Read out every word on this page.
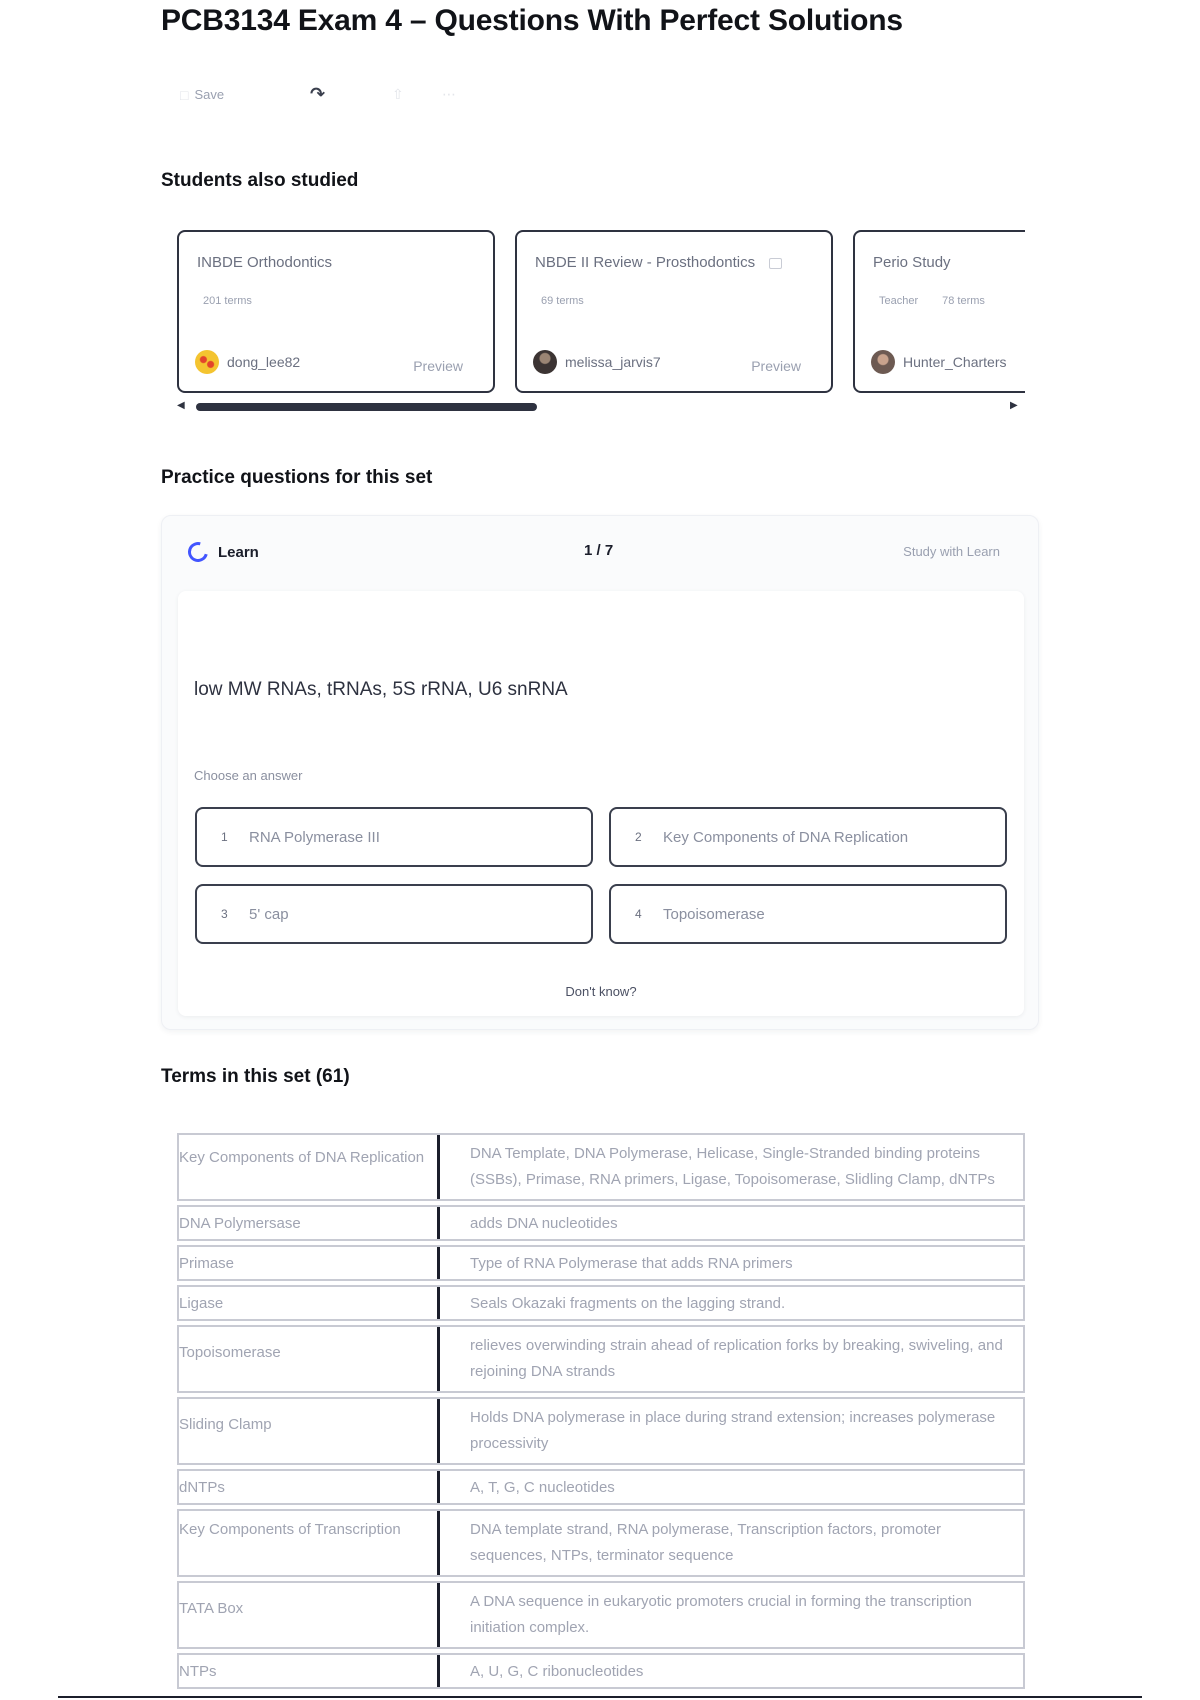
PCB3134 Exam 4 – Questions With Perfect Solutions
□ Save	↷	⇧	⋯
Students also studied
INBDE Orthodontics
201 terms
dong_lee82	Preview
NBDE II Review - Prosthodontics
69 terms
melissa_jarvis7	Preview
Perio Study
Teacher 78 terms
Hunter_Charters
◀	▶
Practice questions for this set
Learn	1 / 7	Study with Learn
low MW RNAs, tRNAs, 5S rRNA, U6 snRNA
Choose an answer
1	RNA Polymerase III	2	Key Components of DNA Replication
3	5' cap	4	Topoisomerase
Don't know?
Terms in this set (61)
Key Components of DNA Replication	DNA Template, DNA Polymerase, Helicase, Single-Stranded binding proteins (SSBs), Primase, RNA primers, Ligase, Topoisomerase, Slidling Clamp, dNTPs
DNA Polymersase	adds DNA nucleotides
Primase	Type of RNA Polymerase that adds RNA primers
Ligase	Seals Okazaki fragments on the lagging strand.
Topoisomerase	relieves overwinding strain ahead of replication forks by breaking, swiveling, and rejoining DNA strands
Sliding Clamp	Holds DNA polymerase in place during strand extension; increases polymerase processivity
dNTPs	A, T, G, C nucleotides
Key Components of Transcription	DNA template strand, RNA polymerase, Transcription factors, promoter sequences, NTPs, terminator sequence
TATA Box	A DNA sequence in eukaryotic promoters crucial in forming the transcription initiation complex.
NTPs	A, U, G, C ribonucleotides
